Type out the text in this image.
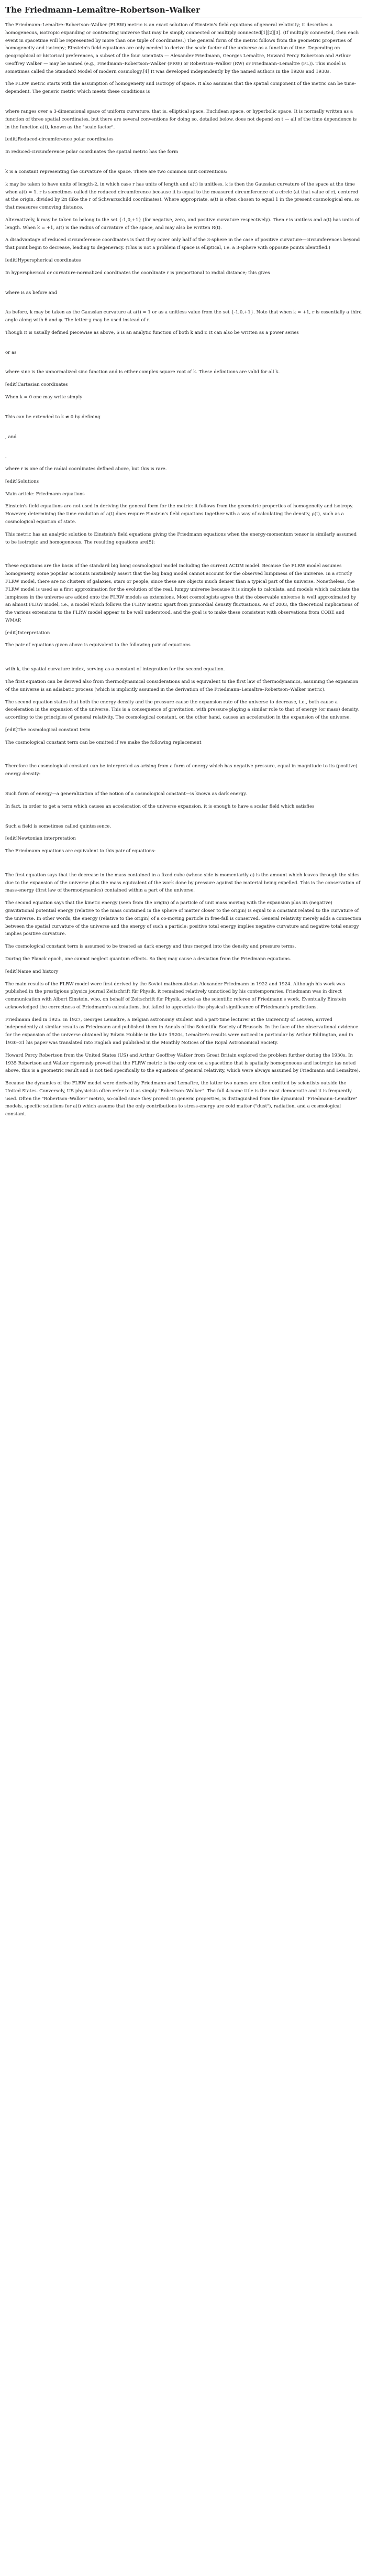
The Friedmann–Lemaître–Robertson–Walker

The Friedmann–Lemaître–Robertson–Walker (FLRW) metric is an exact solution of Einstein's field equations of general relativity; it describes a homogeneous, isotropic expanding or contracting universe that may be simply connected or multiply connected[1][2][3]. (If multiply connected, then each event in spacetime will be represented by more than one tuple of coordinates.) The general form of the metric follows from the geometric properties of homogeneity and isotropy; Einstein's field equations are only needed to derive the scale factor of the universe as a function of time. Depending on geographical or historical preferences, a subset of the four scientists — Alexander Friedmann, Georges Lemaître, Howard Percy Robertson and Arthur Geoffrey Walker — may be named (e.g., Friedmann–Robertson–Walker (FRW) or Robertson–Walker (RW) or Friedmann–Lemaître (FL)). This model is sometimes called the Standard Model of modern cosmology.[4] It was developed independently by the named authors in the 1920s and 1930s.

The FLRW metric starts with the assumption of homogeneity and isotropy of space. It also assumes that the spatial component of the metric can be time-dependent. The generic metric which meets these conditions is

where ranges over a 3-dimensional space of uniform curvature, that is, elliptical space, Euclidean space, or hyperbolic space. It is normally written as a function of three spatial coordinates, but there are several conventions for doing so, detailed below. does not depend on t — all of the time dependence is in the function a(t), known as the "scale factor".

[edit]Reduced-circumference polar coordinates

In reduced-circumference polar coordinates the spatial metric has the form

k is a constant representing the curvature of the space. There are two common unit conventions:

k may be taken to have units of length-2, in which case r has units of length and a(t) is unitless. k is then the Gaussian curvature of the space at the time when a(t) = 1. r is sometimes called the reduced circumference because it is equal to the measured circumference of a circle (at that value of r), centered at the origin, divided by 2π (like the r of Schwarzschild coordinates). Where appropriate, a(t) is often chosen to equal 1 in the present cosmological era, so that measures comoving distance.

Alternatively, k may be taken to belong to the set {-1,0,+1} (for negative, zero, and positive curvature respectively). Then r is unitless and a(t) has units of length. When k = +1, a(t) is the radius of curvature of the space, and may also be written R(t).

A disadvantage of reduced circumference coordinates is that they cover only half of the 3-sphere in the case of positive curvature—circumferences beyond that point begin to decrease, leading to degeneracy. (This is not a problem if space is elliptical, i.e. a 3-sphere with opposite points identified.)

[edit]Hyperspherical coordinates

In hyperspherical or curvature-normalized coordinates the coordinate r is proportional to radial distance; this gives

where is as before and

As before, k may be taken as the Gaussian curvature at a(t) = 1 or as a unitless value from the set {-1,0,+1}. Note that when k = +1, r is essentially a third angle along with θ and φ. The letter χ may be used instead of r.

Though it is usually defined piecewise as above, S is an analytic function of both k and r. It can also be written as a power series

or as

where sinc is the unnormalized sinc function and is either complex square root of k. These definitions are valid for all k.

[edit]Cartesian coordinates

When k = 0 one may write simply

This can be extended to k ≠ 0 by defining

, and

,

where r is one of the radial coordinates defined above, but this is rare.

[edit]Solutions

Main article: Friedmann equations

Einstein's field equations are not used in deriving the general form for the metric: it follows from the geometric properties of homogeneity and isotropy. However, determining the time evolution of a(t) does require Einstein's field equations together with a way of calculating the density, ρ(t), such as a cosmological equation of state.

This metric has an analytic solution to Einstein's field equations giving the Friedmann equations when the energy-momentum tensor is similarly assumed to be isotropic and homogeneous. The resulting equations are[5]:

These equations are the basis of the standard big bang cosmological model including the current ΛCDM model. Because the FLRW model assumes homogeneity, some popular accounts mistakenly assert that the big bang model cannot account for the observed lumpiness of the universe. In a strictly FLRW model, there are no clusters of galaxies, stars or people, since these are objects much denser than a typical part of the universe. Nonetheless, the FLRW model is used as a first approximation for the evolution of the real, lumpy universe because it is simple to calculate, and models which calculate the lumpiness in the universe are added onto the FLRW models as extensions. Most cosmologists agree that the observable universe is well approximated by an almost FLRW model, i.e., a model which follows the FLRW metric apart from primordial density fluctuations. As of 2003, the theoretical implications of the various extensions to the FLRW model appear to be well understood, and the goal is to make these consistent with observations from COBE and WMAP.

[edit]Interpretation

The pair of equations given above is equivalent to the following pair of equations

with k, the spatial curvature index, serving as a constant of integration for the second equation.

The first equation can be derived also from thermodynamical considerations and is equivalent to the first law of thermodynamics, assuming the expansion of the universe is an adiabatic process (which is implicitly assumed in the derivation of the Friedmann–Lemaître–Robertson–Walker metric).

The second equation states that both the energy density and the pressure cause the expansion rate of the universe to decrease, i.e., both cause a deceleration in the expansion of the universe. This is a consequence of gravitation, with pressure playing a similar role to that of energy (or mass) density, according to the principles of general relativity. The cosmological constant, on the other hand, causes an acceleration in the expansion of the universe.

[edit]The cosmological constant term

The cosmological constant term can be omitted if we make the following replacement

Therefore the cosmological constant can be interpreted as arising from a form of energy which has negative pressure, equal in magnitude to its (positive) energy density:

Such form of energy—a generalization of the notion of a cosmological constant—is known as dark energy.

In fact, in order to get a term which causes an acceleration of the universe expansion, it is enough to have a scalar field which satisfies

Such a field is sometimes called quintessence.

[edit]Newtonian interpretation

The Friedmann equations are equivalent to this pair of equations:

The first equation says that the decrease in the mass contained in a fixed cube (whose side is momentarily a) is the amount which leaves through the sides due to the expansion of the universe plus the mass equivalent of the work done by pressure against the material being expelled. This is the conservation of mass-energy (first law of thermodynamics) contained within a part of the universe.

The second equation says that the kinetic energy (seen from the origin) of a particle of unit mass moving with the expansion plus its (negative) gravitational potential energy (relative to the mass contained in the sphere of matter closer to the origin) is equal to a constant related to the curvature of the universe. In other words, the energy (relative to the origin) of a co-moving particle in free-fall is conserved. General relativity merely adds a connection between the spatial curvature of the universe and the energy of such a particle: positive total energy implies negative curvature and negative total energy implies positive curvature.

The cosmological constant term is assumed to be treated as dark energy and thus merged into the density and pressure terms.

During the Planck epoch, one cannot neglect quantum effects. So they may cause a deviation from the Friedmann equations.

[edit]Name and history

The main results of the FLRW model were first derived by the Soviet mathematician Alexander Friedmann in 1922 and 1924. Although his work was published in the prestigious physics journal Zeitschrift für Physik, it remained relatively unnoticed by his contemporaries. Friedmann was in direct communication with Albert Einstein, who, on behalf of Zeitschrift für Physik, acted as the scientific referee of Friedmann's work. Eventually Einstein acknowledged the correctness of Friedmann's calculations, but failed to appreciate the physical significance of Friedmann's predictions.

Friedmann died in 1925. In 1927, Georges Lemaître, a Belgian astronomy student and a part-time lecturer at the University of Leuven, arrived independently at similar results as Friedmann and published them in Annals of the Scientific Society of Brussels. In the face of the observational evidence for the expansion of the universe obtained by Edwin Hubble in the late 1920s, Lemaître's results were noticed in particular by Arthur Eddington, and in 1930–31 his paper was translated into English and published in the Monthly Notices of the Royal Astronomical Society.

Howard Percy Robertson from the United States (US) and Arthur Geoffrey Walker from Great Britain explored the problem further during the 1930s. In 1935 Robertson and Walker rigorously proved that the FLRW metric is the only one on a spacetime that is spatially homogeneous and isotropic (as noted above, this is a geometric result and is not tied specifically to the equations of general relativity, which were always assumed by Friedmann and Lemaître).

Because the dynamics of the FLRW model were derived by Friedmann and Lemaître, the latter two names are often omitted by scientists outside the United States. Conversely, US physicists often refer to it as simply "Robertson–Walker". The full 4-name title is the most democratic and it is frequently used. Often the "Robertson–Walker" metric, so-called since they proved its generic properties, is distinguished from the dynamical "Friedmann–Lemaître" models, specific solutions for a(t) which assume that the only contributions to stress-energy are cold matter ("dust"), radiation, and a cosmological constant.
